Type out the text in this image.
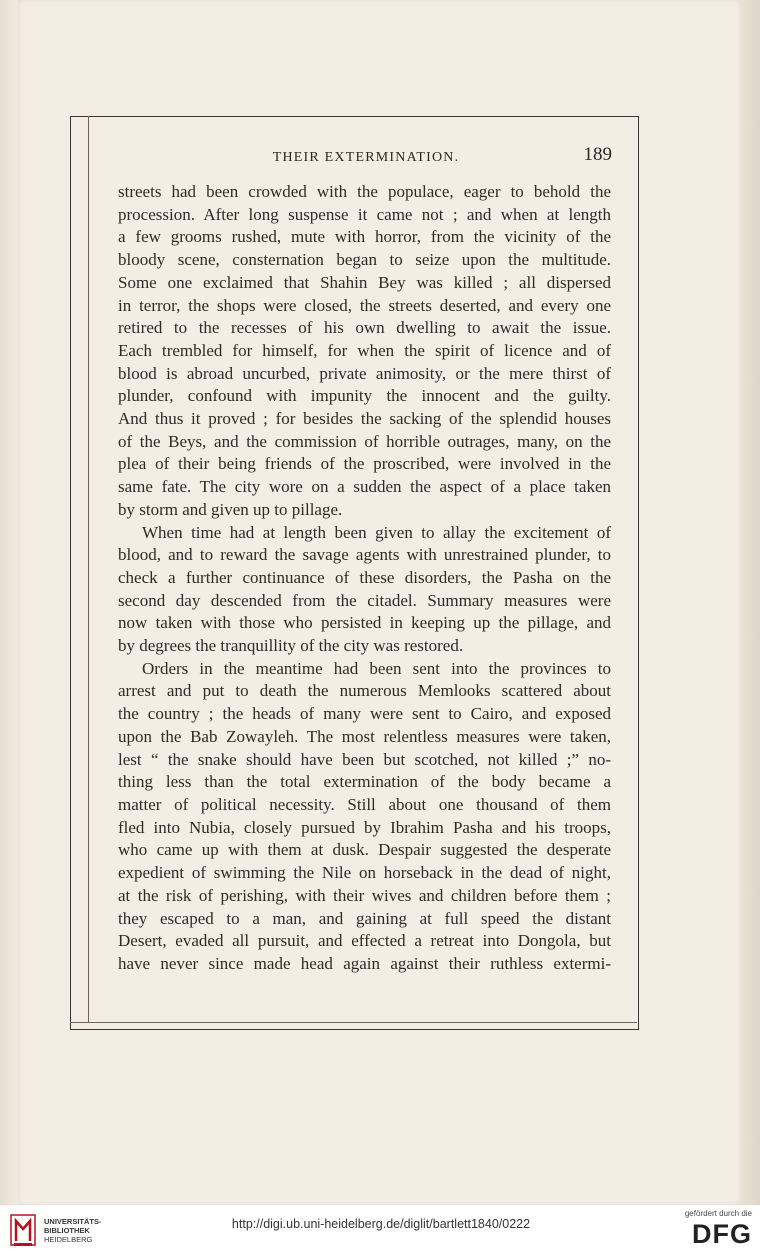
THEIR EXTERMINATION.	189
streets had been crowded with the populace, eager to behold the
procession. After long suspense it came not ; and when at length
a few grooms rushed, mute with horror, from the vicinity of the
bloody scene, consternation began to seize upon the multitude.
Some one exclaimed that Shahin Bey was killed ; all dispersed
in terror, the shops were closed, the streets deserted, and every one
retired to the recesses of his own dwelling to await the issue.
Each trembled for himself, for when the spirit of licence and of
blood is abroad uncurbed, private animosity, or the mere thirst of
plunder, confound with impunity the innocent and the guilty.
And thus it proved ; for besides the sacking of the splendid houses
of the Beys, and the commission of horrible outrages, many, on the
plea of their being friends of the proscribed, were involved in the
same fate. The city wore on a sudden the aspect of a place taken
by storm and given up to pillage.
When time had at length been given to allay the excitement of
blood, and to reward the savage agents with unrestrained plunder, to
check a further continuance of these disorders, the Pasha on the
second day descended from the citadel. Summary measures were
now taken with those who persisted in keeping up the pillage, and
by degrees the tranquillity of the city was restored.
Orders in the meantime had been sent into the provinces to
arrest and put to death the numerous Memlooks scattered about
the country ; the heads of many were sent to Cairo, and exposed
upon the Bab Zowayleh. The most relentless measures were taken,
lest “ the snake should have been but scotched, not killed ;” no-
thing less than the total extermination of the body became a
matter of political necessity. Still about one thousand of them
fled into Nubia, closely pursued by Ibrahim Pasha and his troops,
who came up with them at dusk. Despair suggested the desperate
expedient of swimming the Nile on horseback in the dead of night,
at the risk of perishing, with their wives and children before them ;
they escaped to a man, and gaining at full speed the distant
Desert, evaded all pursuit, and effected a retreat into Dongola, but
have never since made head again against their ruthless extermi-
UNIVERSITÄTS-
BIBLIOTHEK
HEIDELBERG
http://digi.ub.uni-heidelberg.de/diglit/bartlett1840/0222
gefördert durch die
DFG
